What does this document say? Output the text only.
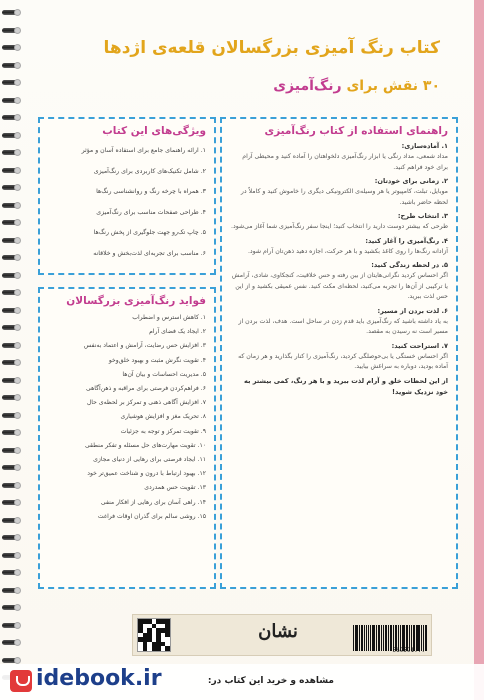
کتاب رنگ آمیزی بزرگسالان قلعه‌ی اژدها
۳۰ نقش برای رنگ‌آمیزی
راهنمای استفاده از کتاب رنگ‌آمیزی
۱. آماده‌سازی:
مداد شمعی، مداد رنگی یا ابزار رنگ‌آمیزی دلخواهتان را آماده کنید و محیطی آرام برای خود فراهم کنید.
۲. زمانی برای خودتان:
موبایل، تبلت، کامپیوتر یا هر وسیله‌ی الکترونیکی دیگری را خاموش کنید و کاملاً در لحظه حاضر باشید.
۳. انتخاب طرح:
طرحی که بیشتر دوست دارید را انتخاب کنید؛ اینجا سفر رنگ‌آمیزی شما آغاز می‌شود.
۴. رنگ‌آمیزی را آغاز کنید:
آزادانه رنگ‌ها را روی کاغذ بکشید و با هر حرکت، اجازه دهید ذهن‌تان آرام شود.
۵. در لحظه زندگی کنید:
اگر احساس کردید نگرانی‌هایتان از بین رفته و حس خلاقیت، کنجکاوی، شادی، آرامش یا ترکیبی از آن‌ها را تجربه می‌کنید، لحظه‌ای مکث کنید. نفس عمیقی بکشید و از این حس لذت ببرید.
۶. لذت بردن از مسیر:
به یاد داشته باشید که رنگ‌آمیزی باید قدم زدن در ساحل است. هدف، لذت بردن از مسیر است نه رسیدن به مقصد.
۷. استراحت کنید:
اگر احساس خستگی یا بی‌حوصلگی کردید، رنگ‌آمیزی را کنار بگذارید و هر زمان که آماده بودید، دوباره به سراغش بیایید.
از این لحظات خلق و آرام لذت ببرید و با هر رنگ، کمی بیشتر به خود نزدیک شوید!
ویژگی‌های این کتاب
۱. ارائه راهنمای جامع برای استفاده آسان و مؤثر
۲. شامل تکنیک‌های کاربردی برای رنگ‌آمیزی
۳. همراه با چرخه رنگ و روانشناسی رنگ‌ها
۴. طراحی صفحات مناسب برای رنگ‌آمیزی
۵. چاپ تک‌رو جهت جلوگیری از پخش رنگ‌ها
۶. مناسب برای تجربه‌ای لذت‌بخش و خلاقانه
فواید رنگ‌آمیزی بزرگسالان
۱. کاهش استرس و اضطراب
۲. ایجاد یک فضای آرام
۳. افزایش حس رضایت، آرامش و اعتماد به‌نفس
۴. تقویت نگرش مثبت و بهبود خلق‌وخو
۵. مدیریت احساسات و بیان آن‌ها
۶. فراهم‌کردن فرصتی برای مراقبه و ذهن‌آگاهی
۷. افزایش آگاهی ذهنی و تمرکز بر لحظه‌ی حال
۸. تحریک مغز و افزایش هوشیاری
۹. تقویت تمرکز و توجه به جزئیات
۱۰. تقویت مهارت‌های حل مسئله و تفکر منطقی
۱۱. ایجاد فرصتی برای رهایی از دنیای مجازی
۱۲. بهبود ارتباط با درون و شناخت عمیق‌تر خود
۱۳. تقویت حس همدردی
۱۴. راهی آسان برای رهایی از افکار منفی
۱۵. روشی سالم برای گذران اوقات فراغت
...569591
نشان
idebook.ir	مشاهده و خرید این کتاب در:
